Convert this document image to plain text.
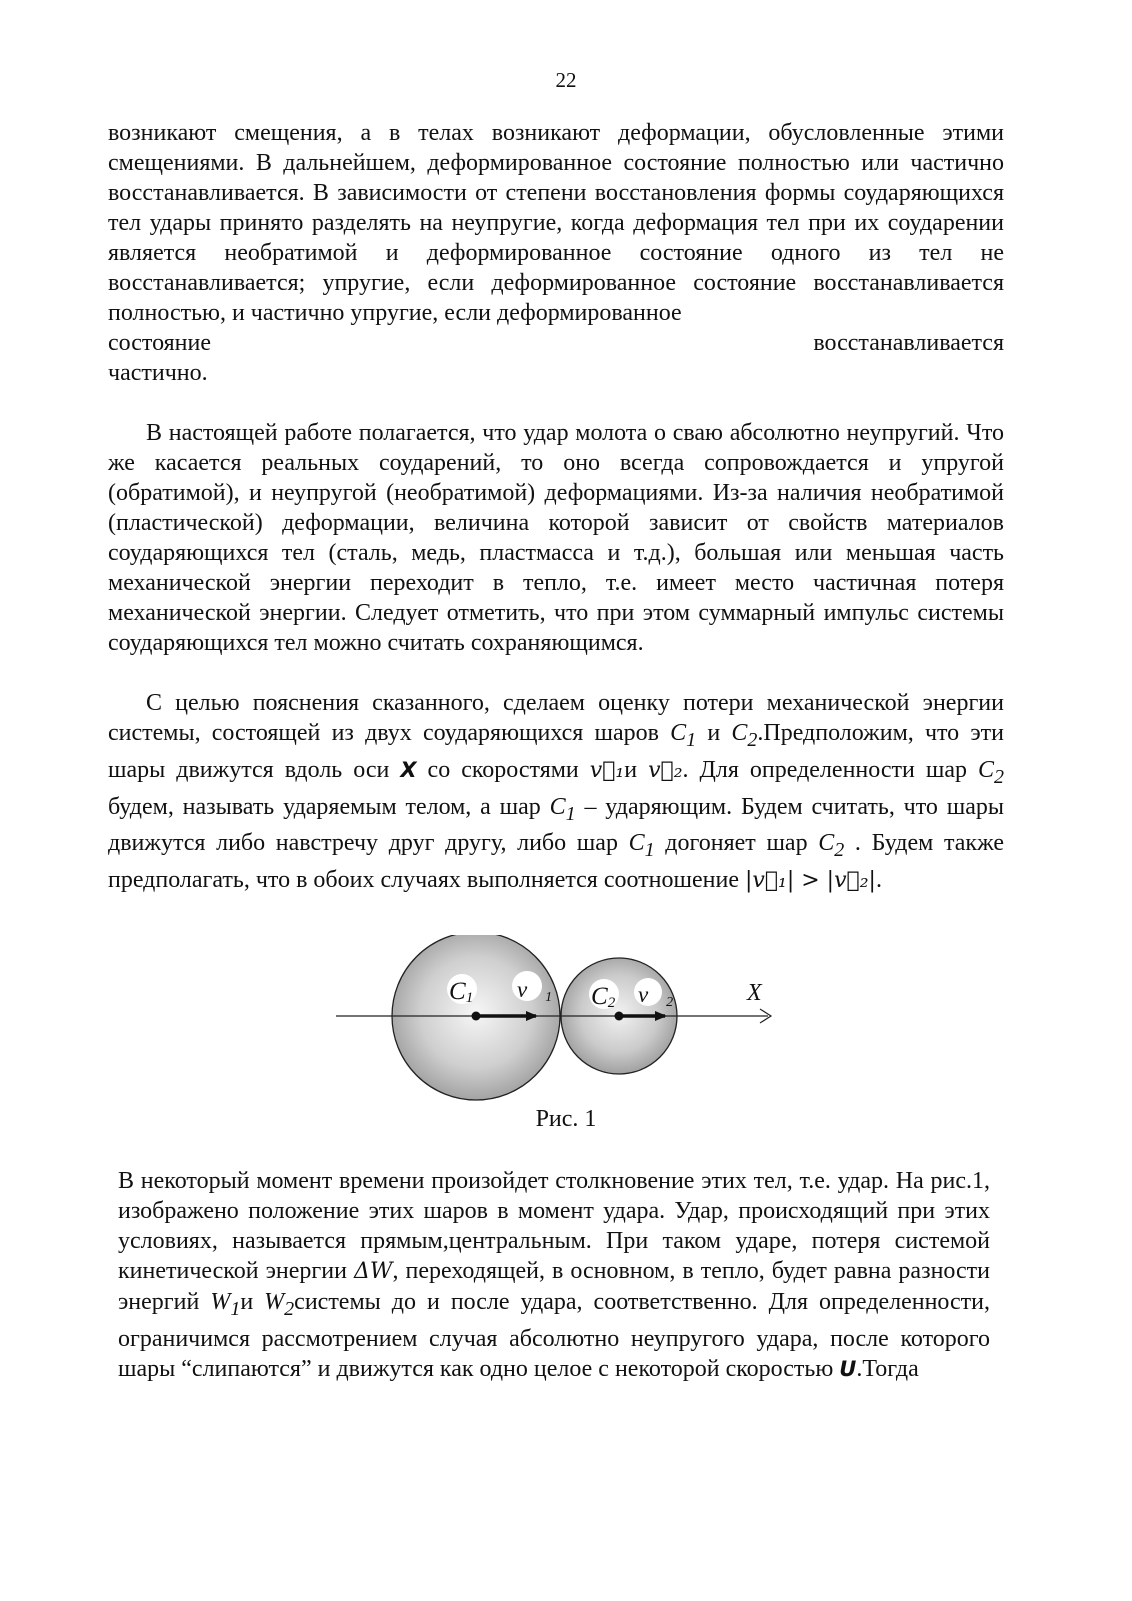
22

возникают смещения, а в телах возникают деформации, обусловленные этими смещениями. В дальнейшем, деформированное состояние полностью или частично восстанавливается. В зависимости от степени восстановления формы соударяющихся тел удары принято разделять на неупругие, когда деформация тел при их соударении является необратимой и деформированное состояние одного из тел не восстанавливается; упругие, если деформированное состояние восстанавливается полностью, и частично упругие, если деформированное
состояние	восстанавливается

частично.

В настоящей работе полагается, что удар молота о сваю абсолютно неупругий. Что же касается реальных соударений, то оно всегда сопровождается и упругой (обратимой), и неупругой (необратимой) деформациями. Из-за наличия необратимой (пластической) деформации, величина которой зависит от свойств материалов соударяющихся тел (сталь, медь, пластмасса и т.д.), большая или меньшая часть механической энергии переходит в тепло, т.е. имеет место частичная потеря механической энергии. Следует отметить, что при этом суммарный импульс системы соударяющихся тел можно считать сохраняющимся.

С целью пояснения сказанного, сделаем оценку потери механической энергии системы, состоящей из двух соударяющихся шаров $C_1$ и $C_2.Предположим$, что эти шары движутся вдоль оси X со скоростями v⃗₁и v⃗₂. Для определенности шар $C_2$ будем, называть ударяемым телом, а шар $C_1$ – ударяющим. Будем считать, что шары движутся либо навстречу друг другу, либо шар $C_1$ догоняет шар $C_2$ . Будем также предполагать, что в обоих случаях выполняется соотношение |v⃗₁| > |v⃗₂|.

C1 v⃗1 C2 v⃗2	X
Рис. 1

В некоторый момент времени произойдет столкновение этих тел, т.е. удар. На рис.1, изображено положение этих шаров в момент удара. Удар, происходящий при этих условиях, называется прямым,центральным. При таком ударе, потеря системой кинетической энергии ΔW, переходящей, в основном, в тепло, будет равна разности энергий $W_1и$ $W_2системы$ до и после удара, соответственно. Для определенности, ограничимся рассмотрением случая абсолютно неупругого удара, после которого шары “слипаются” и движутся как одно целое с некоторой скоростью U.Тогда
